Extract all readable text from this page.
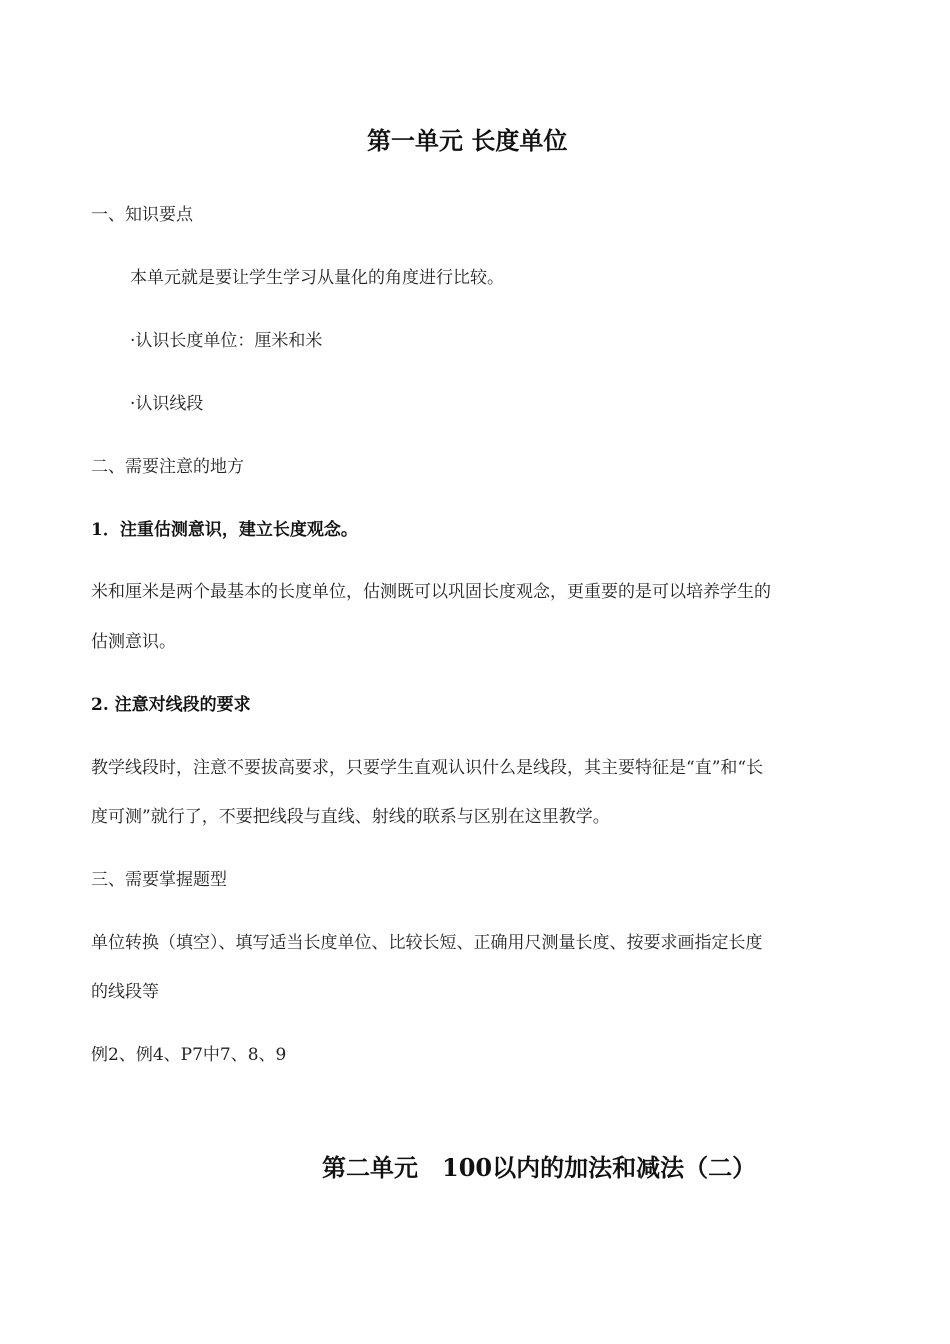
第一单元 长度单位
一、知识要点
本单元就是要让学生学习从量化的角度进行比较。
·认识长度单位：厘米和米
·认识线段
二、需要注意的地方
1．注重估测意识，建立长度观念。
米和厘米是两个最基本的长度单位，估测既可以巩固长度观念，更重要的是可以培养学生的
估测意识。
2. 注意对线段的要求
教学线段时，注意不要拔高要求，只要学生直观认识什么是线段，其主要特征是“直”和“长
度可测”就行了，不要把线段与直线、射线的联系与区别在这里教学。
三、需要掌握题型
单位转换（填空）、填写适当长度单位、比较长短、正确用尺测量长度、按要求画指定长度
的线段等
例2、例4、P7中7、8、9
第二单元　100以内的加法和减法（二）
